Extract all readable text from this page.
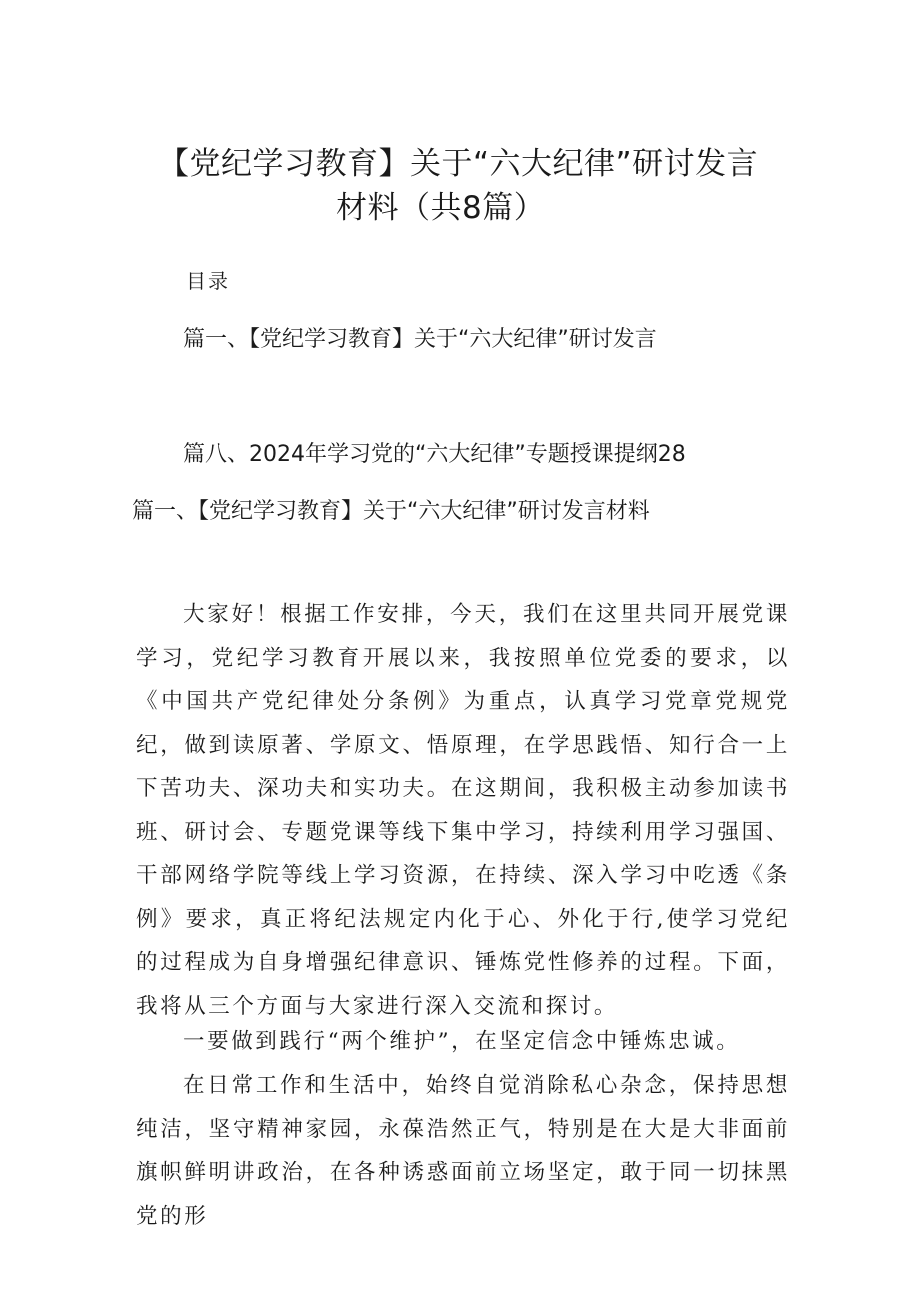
【党纪学习教育】关于“六大纪律”研讨发言
材料（共8篇）
目录
篇一、【党纪学习教育】关于“六大纪律”研讨发言
篇八、2024年学习党的“六大纪律”专题授课提纲28
篇一、【党纪学习教育】关于“六大纪律”研讨发言材料
大家好！根据工作安排，今天，我们在这里共同开展党课学习，党纪学习教育开展以来，我按照单位党委的要求，以《中国共产党纪律处分条例》为重点，认真学习党章党规党纪，做到读原著、学原文、悟原理，在学思践悟、知行合一上下苦功夫、深功夫和实功夫。在这期间，我积极主动参加读书班、研讨会、专题党课等线下集中学习，持续利用学习强国、干部网络学院等线上学习资源，在持续、深入学习中吃透《条例》要求，真正将纪法规定内化于心、外化于行,使学习党纪的过程成为自身增强纪律意识、锤炼党性修养的过程。下面，我将从三个方面与大家进行深入交流和探讨。
一要做到践行“两个维护”，在坚定信念中锤炼忠诚。
在日常工作和生活中，始终自觉消除私心杂念，保持思想纯洁，坚守精神家园，永葆浩然正气，特别是在大是大非面前旗帜鲜明讲政治，在各种诱惑面前立场坚定，敢于同一切抹黑党的形
